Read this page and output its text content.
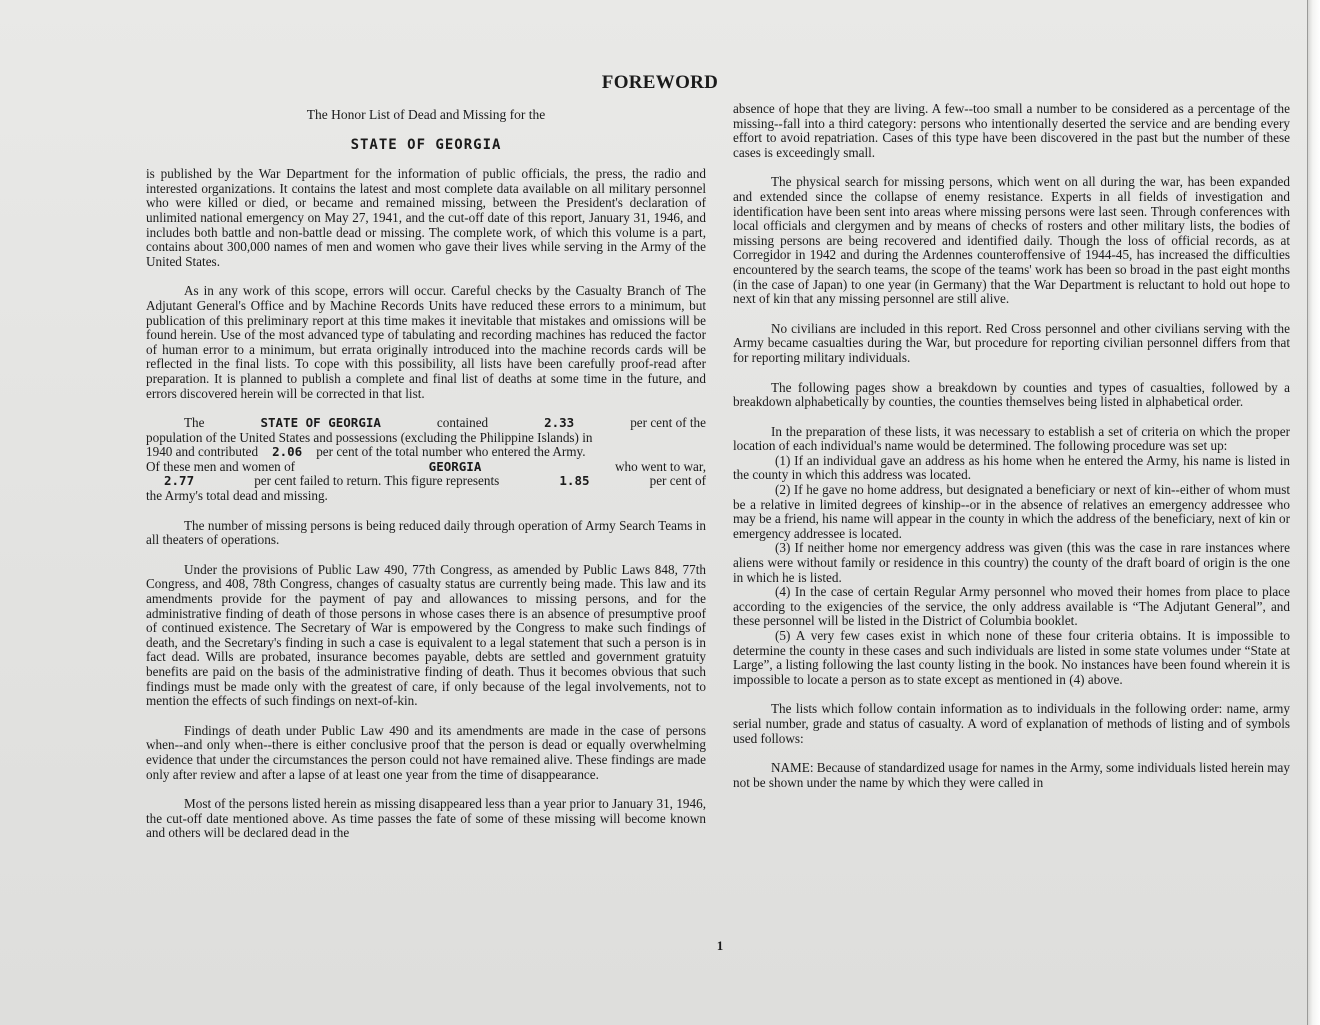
FOREWORD

The Honor List of Dead and Missing for the

STATE OF GEORGIA

is published by the War Department for the information of public officials, the press, the radio and interested organizations. It contains the latest and most complete data available on all military personnel who were killed or died, or became and remained missing, between the President's declaration of unlimited national emergency on May 27, 1941, and the cut-off date of this report, January 31, 1946, and includes both battle and non-battle dead or missing. The complete work, of which this volume is a part, contains about 300,000 names of men and women who gave their lives while serving in the Army of the United States.

As in any work of this scope, errors will occur. Careful checks by the Casualty Branch of The Adjutant General's Office and by Machine Records Units have reduced these errors to a minimum, but publication of this preliminary report at this time makes it inevitable that mistakes and omissions will be found herein. Use of the most advanced type of tabulating and recording machines has reduced the factor of human error to a minimum, but errata originally introduced into the machine records cards will be reflected in the final lists. To cope with this possibility, all lists have been carefully proof-read after preparation. It is planned to publish a complete and final list of deaths at some time in the future, and errors discovered herein will be corrected in that list.

The	STATE OF GEORGIA	contained	2.33	per cent of the
population of the United States and possessions (excluding the Philippine Islands) in
1940 and contributed 2.06 per cent of the total number who entered the Army.
Of these men and women of	GEORGIA	who went to war,
2.77	per cent failed to return. This figure represents	1.85	per cent of
the Army's total dead and missing.

The number of missing persons is being reduced daily through operation of Army Search Teams in all theaters of operations.

Under the provisions of Public Law 490, 77th Congress, as amended by Public Laws 848, 77th Congress, and 408, 78th Congress, changes of casualty status are currently being made. This law and its amendments provide for the payment of pay and allowances to missing persons, and for the administrative finding of death of those persons in whose cases there is an absence of presumptive proof of continued existence. The Secretary of War is empowered by the Congress to make such findings of death, and the Secretary's finding in such a case is equivalent to a legal statement that such a person is in fact dead. Wills are probated, insurance becomes payable, debts are settled and government gratuity benefits are paid on the basis of the administrative finding of death. Thus it becomes obvious that such findings must be made only with the greatest of care, if only because of the legal involvements, not to mention the effects of such findings on next-of-kin.

Findings of death under Public Law 490 and its amendments are made in the case of persons when--and only when--there is either conclusive proof that the person is dead or equally overwhelming evidence that under the circumstances the person could not have remained alive. These findings are made only after review and after a lapse of at least one year from the time of disappearance.

Most of the persons listed herein as missing disappeared less than a year prior to January 31, 1946, the cut-off date mentioned above. As time passes the fate of some of these missing will become known and others will be declared dead in the

absence of hope that they are living. A few--too small a number to be considered as a percentage of the missing--fall into a third category: persons who intentionally deserted the service and are bending every effort to avoid repatriation. Cases of this type have been discovered in the past but the number of these cases is exceedingly small.

The physical search for missing persons, which went on all during the war, has been expanded and extended since the collapse of enemy resistance. Experts in all fields of investigation and identification have been sent into areas where missing persons were last seen. Through conferences with local officials and clergymen and by means of checks of rosters and other military lists, the bodies of missing persons are being recovered and identified daily. Though the loss of official records, as at Corregidor in 1942 and during the Ardennes counteroffensive of 1944-45, has increased the difficulties encountered by the search teams, the scope of the teams' work has been so broad in the past eight months (in the case of Japan) to one year (in Germany) that the War Department is reluctant to hold out hope to next of kin that any missing personnel are still alive.

No civilians are included in this report. Red Cross personnel and other civilians serving with the Army became casualties during the War, but procedure for reporting civilian personnel differs from that for reporting military individuals.

The following pages show a breakdown by counties and types of casualties, followed by a breakdown alphabetically by counties, the counties themselves being listed in alphabetical order.

In the preparation of these lists, it was necessary to establish a set of criteria on which the proper location of each individual's name would be determined. The following procedure was set up:

(1) If an individual gave an address as his home when he entered the Army, his name is listed in the county in which this address was located.

(2) If he gave no home address, but designated a beneficiary or next of kin--either of whom must be a relative in limited degrees of kinship--or in the absence of relatives an emergency addressee who may be a friend, his name will appear in the county in which the address of the beneficiary, next of kin or emergency addressee is located.

(3) If neither home nor emergency address was given (this was the case in rare instances where aliens were without family or residence in this country) the county of the draft board of origin is the one in which he is listed.

(4) In the case of certain Regular Army personnel who moved their homes from place to place according to the exigencies of the service, the only address available is “The Adjutant General”, and these personnel will be listed in the District of Columbia booklet.

(5) A very few cases exist in which none of these four criteria obtains. It is impossible to determine the county in these cases and such individuals are listed in some state volumes under “State at Large”, a listing following the last county listing in the book. No instances have been found wherein it is impossible to locate a person as to state except as mentioned in (4) above.

The lists which follow contain information as to individuals in the following order: name, army serial number, grade and status of casualty. A word of explanation of methods of listing and of symbols used follows:

NAME: Because of standardized usage for names in the Army, some individuals listed herein may not be shown under the name by which they were called in

1
